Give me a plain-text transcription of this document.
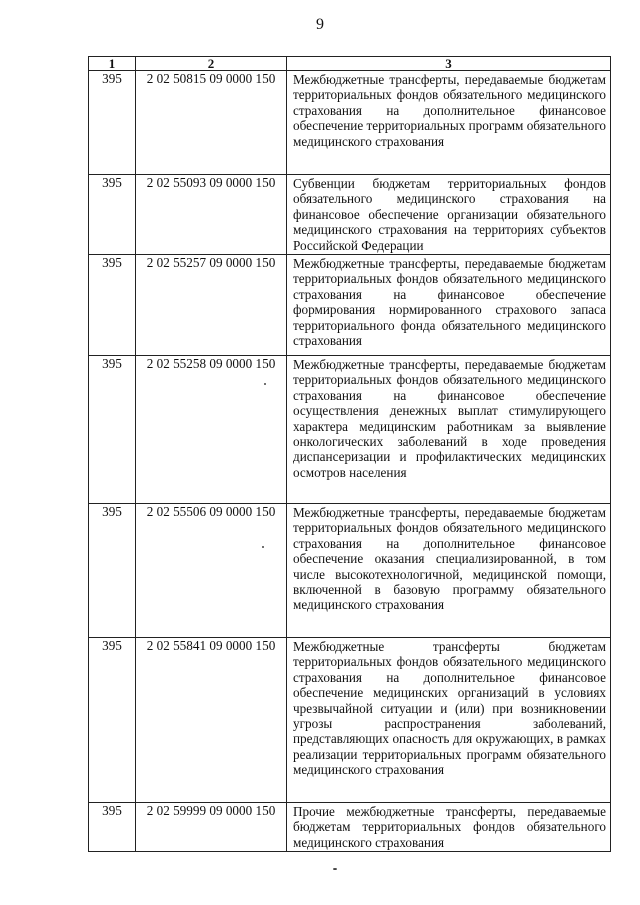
9
1	2	3
395	2 02 50815 09 0000 150	Межбюджетные трансферты, передаваемые бюджетам территориальных фондов обязательного медицинского страхования на дополнительное финансовое обеспечение территориальных программ обязательного медицинского страхования
395	2 02 55093 09 0000 150	Субвенции бюджетам территориальных фондов обязательного медицинского страхования на финансовое обеспечение организации обязательного медицинского страхования на территориях субъектов Российской Федерации
395	2 02 55257 09 0000 150	Межбюджетные трансферты, передаваемые бюджетам территориальных фондов обязательного медицинского страхования на финансовое обеспечение формирования нормированного страхового запаса территориального фонда обязательного медицинского страхования
395	2 02 55258 09 0000 150	Межбюджетные трансферты, передаваемые бюджетам территориальных фондов обязательного медицинского страхования на финансовое обеспечение осуществления денежных выплат стимулирующего характера медицинским работникам за выявление онкологических заболеваний в ходе проведения диспансеризации и профилактических медицинских осмотров населения
395	2 02 55506 09 0000 150	Межбюджетные трансферты, передаваемые бюджетам территориальных фондов обязательного медицинского страхования на дополнительное финансовое обеспечение оказания специализированной, в том числе высокотехнологичной, медицинской помощи, включенной в базовую программу обязательного медицинского страхования
395	2 02 55841 09 0000 150	Межбюджетные трансферты бюджетам территориальных фондов обязательного медицинского страхования на дополнительное финансовое обеспечение медицинских организаций в условиях чрезвычайной ситуации и (или) при возникновении угрозы распространения заболеваний, представляющих опасность для окружающих, в рамках реализации территориальных программ обязательного медицинского страхования
395	2 02 59999 09 0000 150	Прочие межбюджетные трансферты, передаваемые бюджетам территориальных фондов обязательного медицинского страхования
